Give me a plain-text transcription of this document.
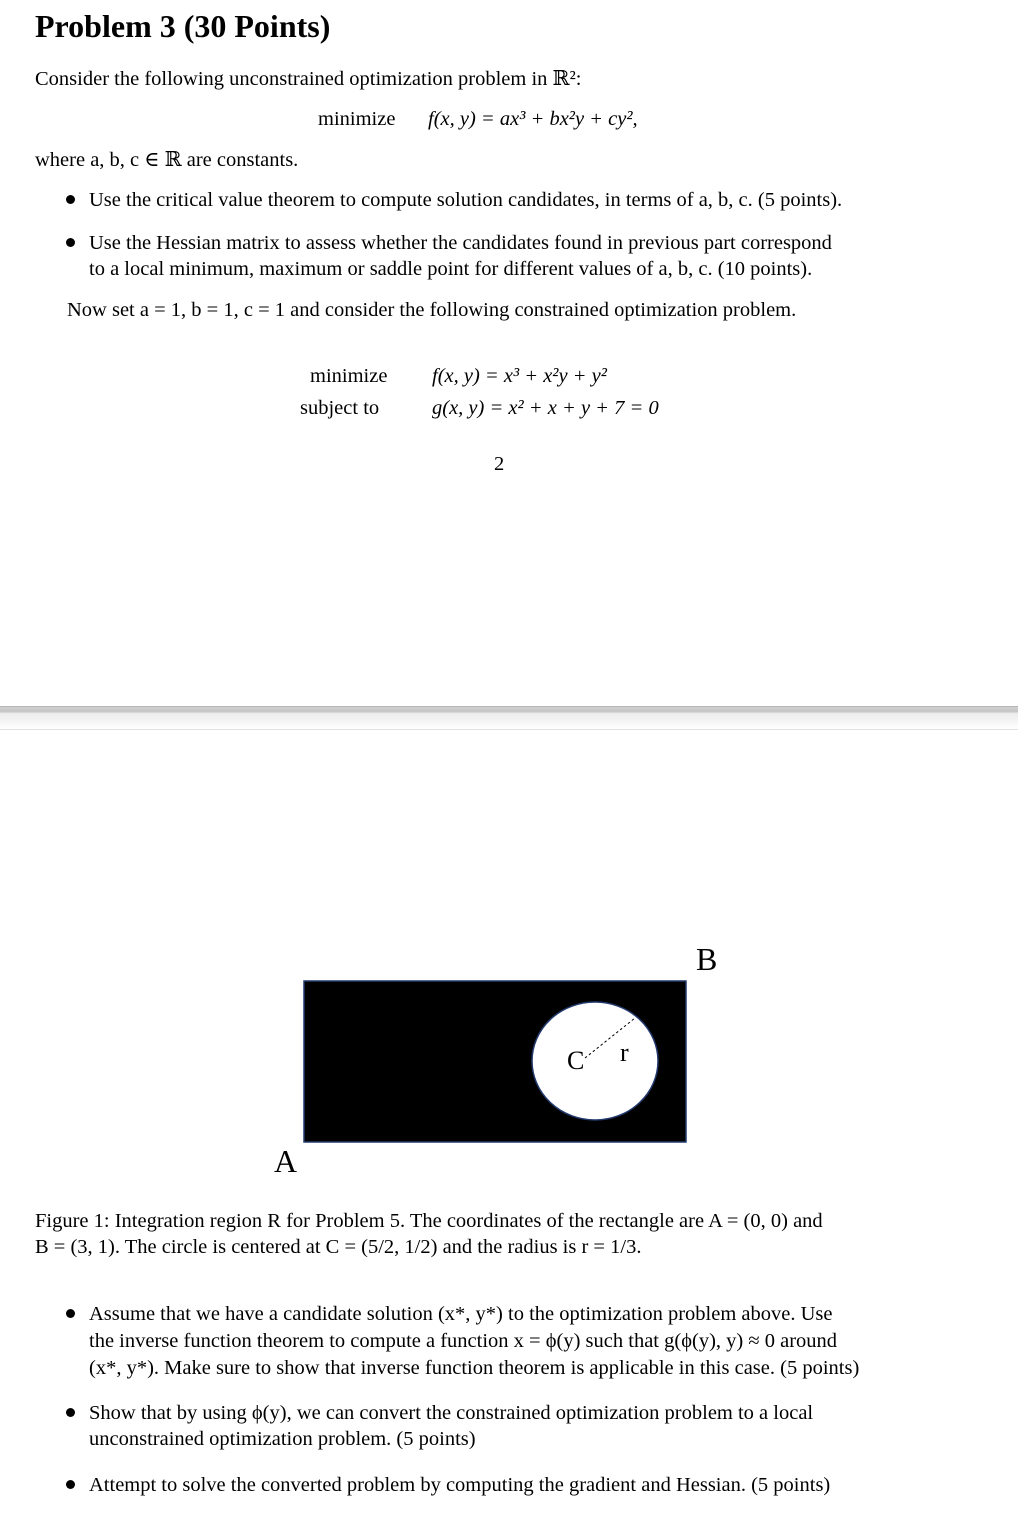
Problem 3 (30 Points)
Consider the following unconstrained optimization problem in ℝ²:
minimize f(x, y) = ax³ + bx²y + cy²,
where a, b, c ∈ ℝ are constants.
Use the critical value theorem to compute solution candidates, in terms of a, b, c. (5 points).
Use the Hessian matrix to assess whether the candidates found in previous part correspond
to a local minimum, maximum or saddle point for different values of a, b, c. (10 points).
Now set a = 1, b = 1, c = 1 and consider the following constrained optimization problem.
minimize f(x, y) = x³ + x²y + y²
subject to	g(x, y) = x² + x + y + 7 = 0
2
B
A
C r
Figure 1: Integration region R for Problem 5. The coordinates of the rectangle are A = (0, 0) and
B = (3, 1). The circle is centered at C = (5/2, 1/2) and the radius is r = 1/3.
Assume that we have a candidate solution (x*, y*) to the optimization problem above. Use
the inverse function theorem to compute a function x = ϕ(y) such that g(ϕ(y), y) ≈ 0 around
(x*, y*). Make sure to show that inverse function theorem is applicable in this case. (5 points)
Show that by using ϕ(y), we can convert the constrained optimization problem to a local
unconstrained optimization problem. (5 points)
Attempt to solve the converted problem by computing the gradient and Hessian. (5 points)
